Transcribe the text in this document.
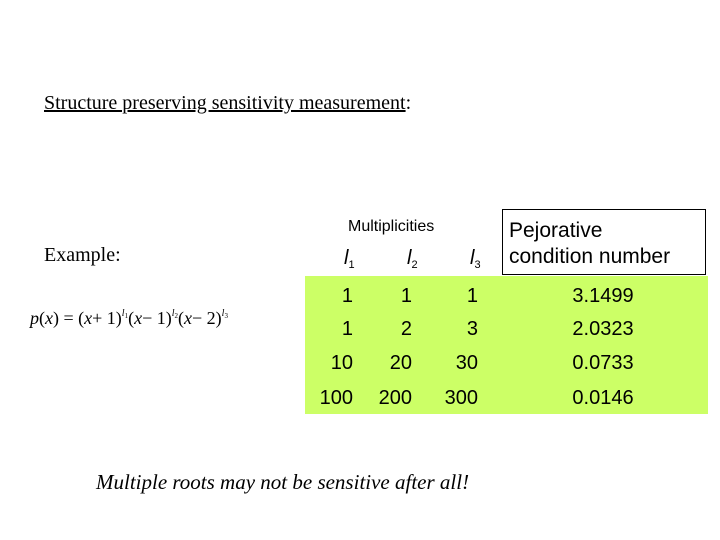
Structure preserving sensitivity measurement:
Example:
$p(x) = (x+ 1)^{l_1}(x- 1)^{l_2}(x- 2)^{l_3}$
Multiplicities	Pejorative
condition number
$l_1$	$l_2$	$l_3$
1	1	1	3.1499
1	2	3	2.0323
10	20	30	0.0733
100	200	300	0.0146
Multiple roots may not be sensitive after all!
